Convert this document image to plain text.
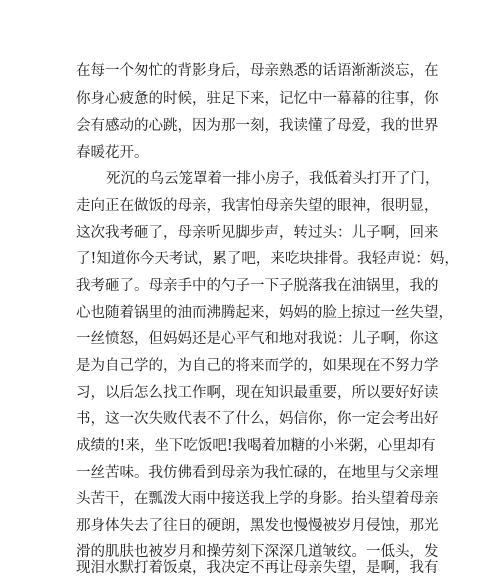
在每一个匆忙的背影身后，母亲熟悉的话语渐渐淡忘，在
你身心疲惫的时候，驻足下来，记忆中一幕幕的往事，你
会有感动的心跳，因为那一刻，我读懂了母爱，我的世界
春暖花开。
死沉的乌云笼罩着一排小房子，我低着头打开了门，
走向正在做饭的母亲，我害怕母亲失望的眼神，很明显，
这次我考砸了，母亲听见脚步声，转过头：儿子啊，回来
了!知道你今天考试，累了吧，来吃块排骨。我轻声说：妈，
我考砸了。母亲手中的勺子一下子脱落我在油锅里，我的
心也随着锅里的油而沸腾起来，妈妈的脸上掠过一丝失望，
一丝愤怒，但妈妈还是心平气和地对我说：儿子啊，你这
是为自己学的，为自己的将来而学的，如果现在不努力学
习，以后怎么找工作啊，现在知识最重要，所以要好好读
书，这一次失败代表不了什么，妈信你，你一定会考出好
成绩的!来，坐下吃饭吧!我喝着加糖的小米粥，心里却有
一丝苦味。我仿佛看到母亲为我忙碌的，在地里与父亲埋
头苦干，在瓢泼大雨中接送我上学的身影。抬头望着母亲
那身体失去了往日的硬朗，黑发也慢慢被岁月侵蚀，那光
滑的肌肤也被岁月和操劳刻下深深几道皱纹。一低头，发
现泪水默打着饭桌，我决定不再让母亲失望，是啊，我有
